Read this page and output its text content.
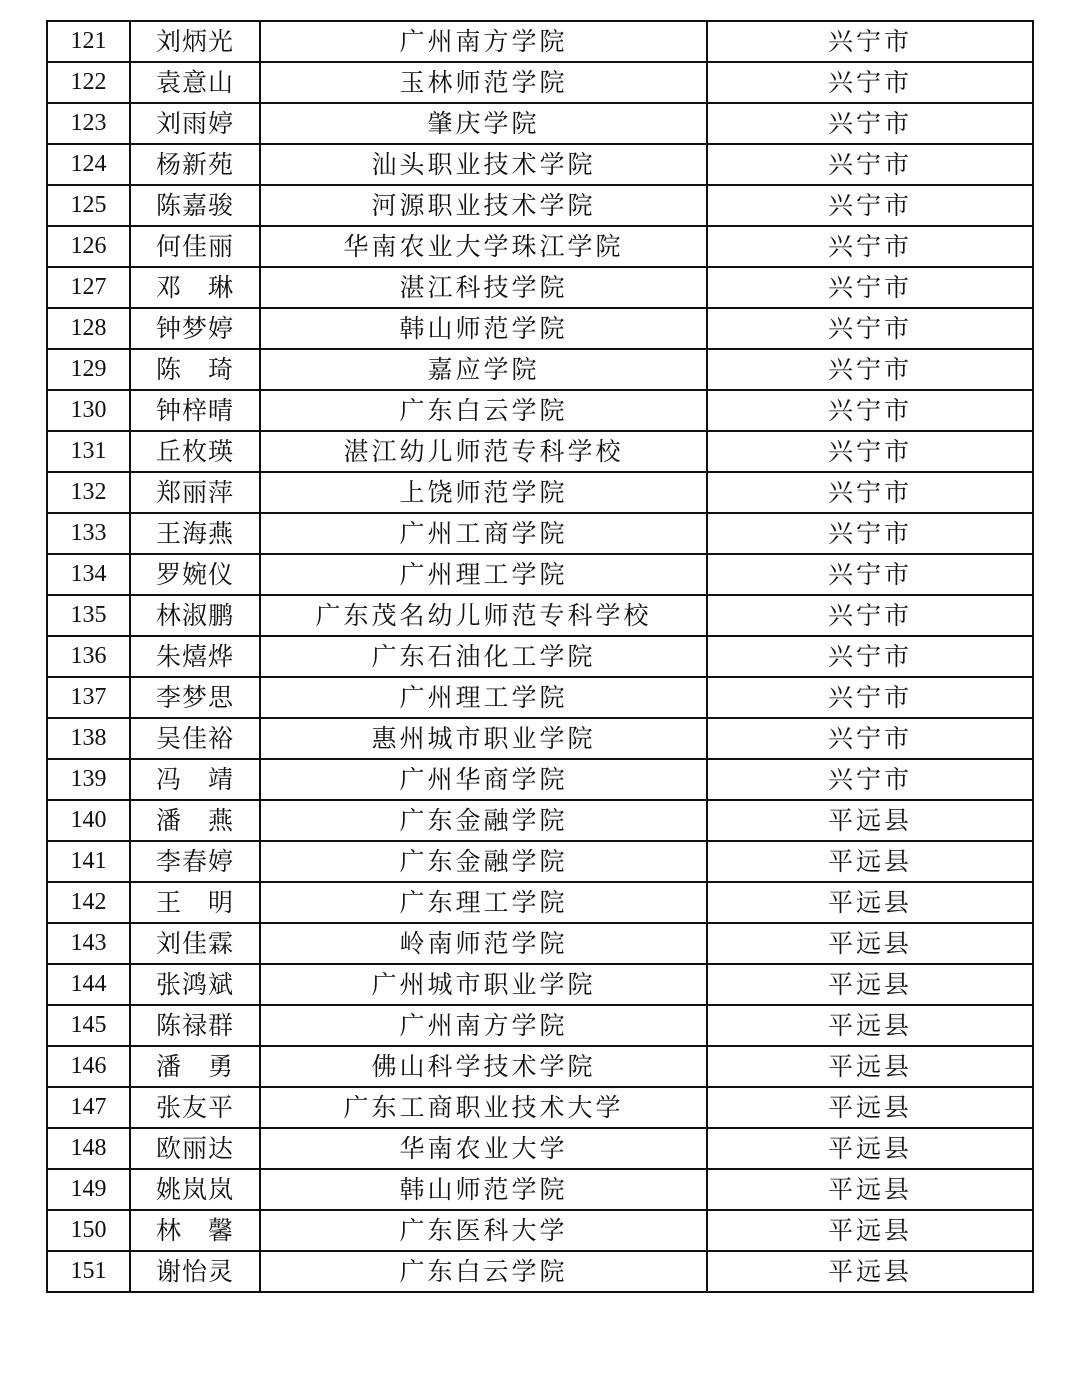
121	刘炳光	广州南方学院	兴宁市
122	袁意山	玉林师范学院	兴宁市
123	刘雨婷	肇庆学院	兴宁市
124	杨新苑	汕头职业技术学院	兴宁市
125	陈嘉骏	河源职业技术学院	兴宁市
126	何佳丽	华南农业大学珠江学院	兴宁市
127	邓　琳	湛江科技学院	兴宁市
128	钟梦婷	韩山师范学院	兴宁市
129	陈　琦	嘉应学院	兴宁市
130	钟梓晴	广东白云学院	兴宁市
131	丘枚瑛	湛江幼儿师范专科学校	兴宁市
132	郑丽萍	上饶师范学院	兴宁市
133	王海燕	广州工商学院	兴宁市
134	罗婉仪	广州理工学院	兴宁市
135	林淑鹏	广东茂名幼儿师范专科学校	兴宁市
136	朱熺烨	广东石油化工学院	兴宁市
137	李梦思	广州理工学院	兴宁市
138	吴佳裕	惠州城市职业学院	兴宁市
139	冯　靖	广州华商学院	兴宁市
140	潘　燕	广东金融学院	平远县
141	李春婷	广东金融学院	平远县
142	王　明	广东理工学院	平远县
143	刘佳霖	岭南师范学院	平远县
144	张鸿斌	广州城市职业学院	平远县
145	陈禄群	广州南方学院	平远县
146	潘　勇	佛山科学技术学院	平远县
147	张友平	广东工商职业技术大学	平远县
148	欧丽达	华南农业大学	平远县
149	姚岚岚	韩山师范学院	平远县
150	林　馨	广东医科大学	平远县
151	谢怡灵	广东白云学院	平远县
